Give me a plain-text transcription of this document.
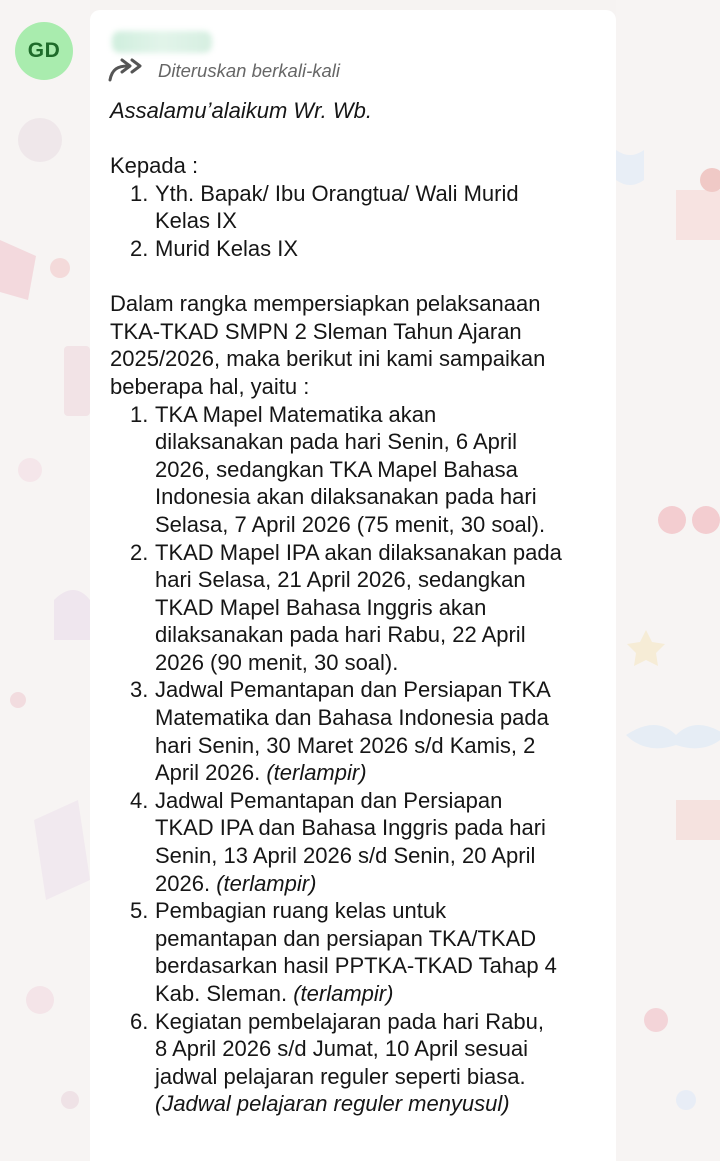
GD
Diteruskan berkali-kali
Assalamu’alaikum Wr. Wb.
Kepada :
1. Yth. Bapak/ Ibu Orangtua/ Wali Murid
Kelas IX
2. Murid Kelas IX
Dalam rangka mempersiapkan pelaksanaan
TKA-TKAD SMPN 2 Sleman Tahun Ajaran
2025/2026, maka berikut ini kami sampaikan
beberapa hal, yaitu :
1. TKA Mapel Matematika akan
dilaksanakan pada hari Senin, 6 April
2026, sedangkan TKA Mapel Bahasa
Indonesia akan dilaksanakan pada hari
Selasa, 7 April 2026 (75 menit, 30 soal).
2. TKAD Mapel IPA akan dilaksanakan pada
hari Selasa, 21 April 2026, sedangkan
TKAD Mapel Bahasa Inggris akan
dilaksanakan pada hari Rabu, 22 April
2026 (90 menit, 30 soal).
3. Jadwal Pemantapan dan Persiapan TKA
Matematika dan Bahasa Indonesia pada
hari Senin, 30 Maret 2026 s/d Kamis, 2
April 2026. (terlampir)
4. Jadwal Pemantapan dan Persiapan
TKAD IPA dan Bahasa Inggris pada hari
Senin, 13 April 2026 s/d Senin, 20 April
2026. (terlampir)
5. Pembagian ruang kelas untuk
pemantapan dan persiapan TKA/TKAD
berdasarkan hasil PPTKA-TKAD Tahap 4
Kab. Sleman. (terlampir)
6. Kegiatan pembelajaran pada hari Rabu,
8 April 2026 s/d Jumat, 10 April sesuai
jadwal pelajaran reguler seperti biasa.
(Jadwal pelajaran reguler menyusul)
